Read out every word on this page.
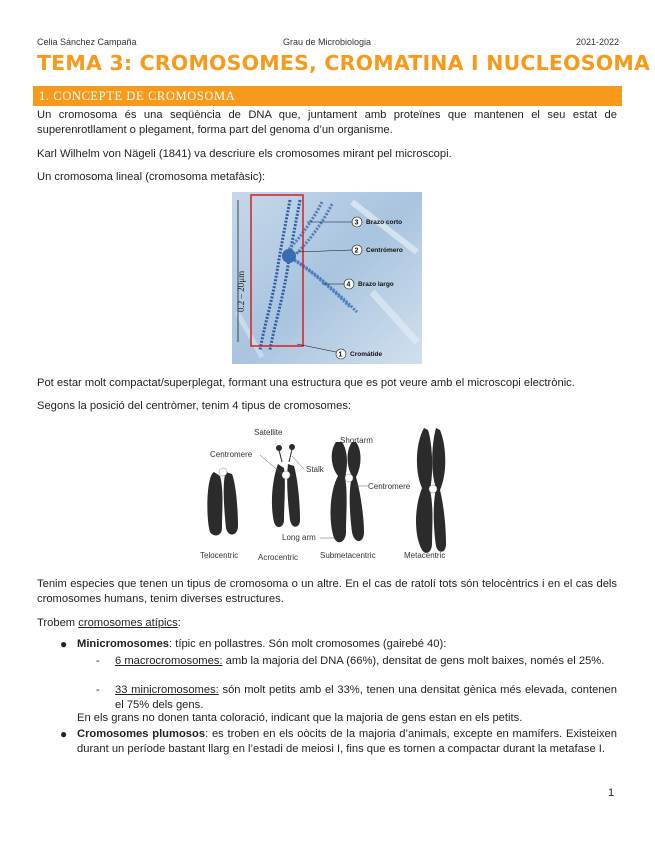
Celia Sánchez Campaña	Grau de Microbiologia	2021-2022
TEMA 3: CROMOSOMES, CROMATINA I NUCLEOSOMA
1. CONCEPTE DE CROMOSOMA
Un cromosoma és una seqüència de DNA que, juntament amb proteïnes que mantenen el seu estat de superenrotllament o plegament, forma part del genoma d’un organisme.
Karl Wilhelm von Nägeli (1841) va descriure els cromosomes mirant pel microscopi.
Un cromosoma lineal (cromosoma metafàsic):
0.2 – 20μm
3 Brazo corto
2 Centrómero
4 Brazo largo
1 Cromátide
Pot estar molt compactat/superplegat, formant una estructura que es pot veure amb el microscopi electrònic.
Segons la posició del centròmer, tenim 4 tipus de cromosomes:
Satellite
Centromere
Stalk
Shortarm
Centromere
Long arm
Telocentric Acrocentric	Submetacentric	Metacentric
Tenim especies que tenen un tipus de cromosoma o un altre. En el cas de ratolí tots són telocèntrics i en el cas dels cromosomes humans, tenim diverses estructures.
Trobem cromosomes atípics:
● Minicromosomes: típic en pollastres. Són molt cromosomes (gairebé 40):
- 6 macrocromosomes: amb la majoria del DNA (66%), densitat de gens molt baixes, només el 25%.
- 33 minicromosomes: són molt petits amb el 33%, tenen una densitat gènica més elevada, contenen el 75% dels gens.
En els grans no donen tanta coloració, indicant que la majoria de gens estan en els petits.
● Cromosomes plumosos: es troben en els oòcits de la majoria d’animals, excepte en mamífers. Existeixen durant un període bastant llarg en l’estadi de meiosi I, fins que es tornen a compactar durant la metafase I.
1
